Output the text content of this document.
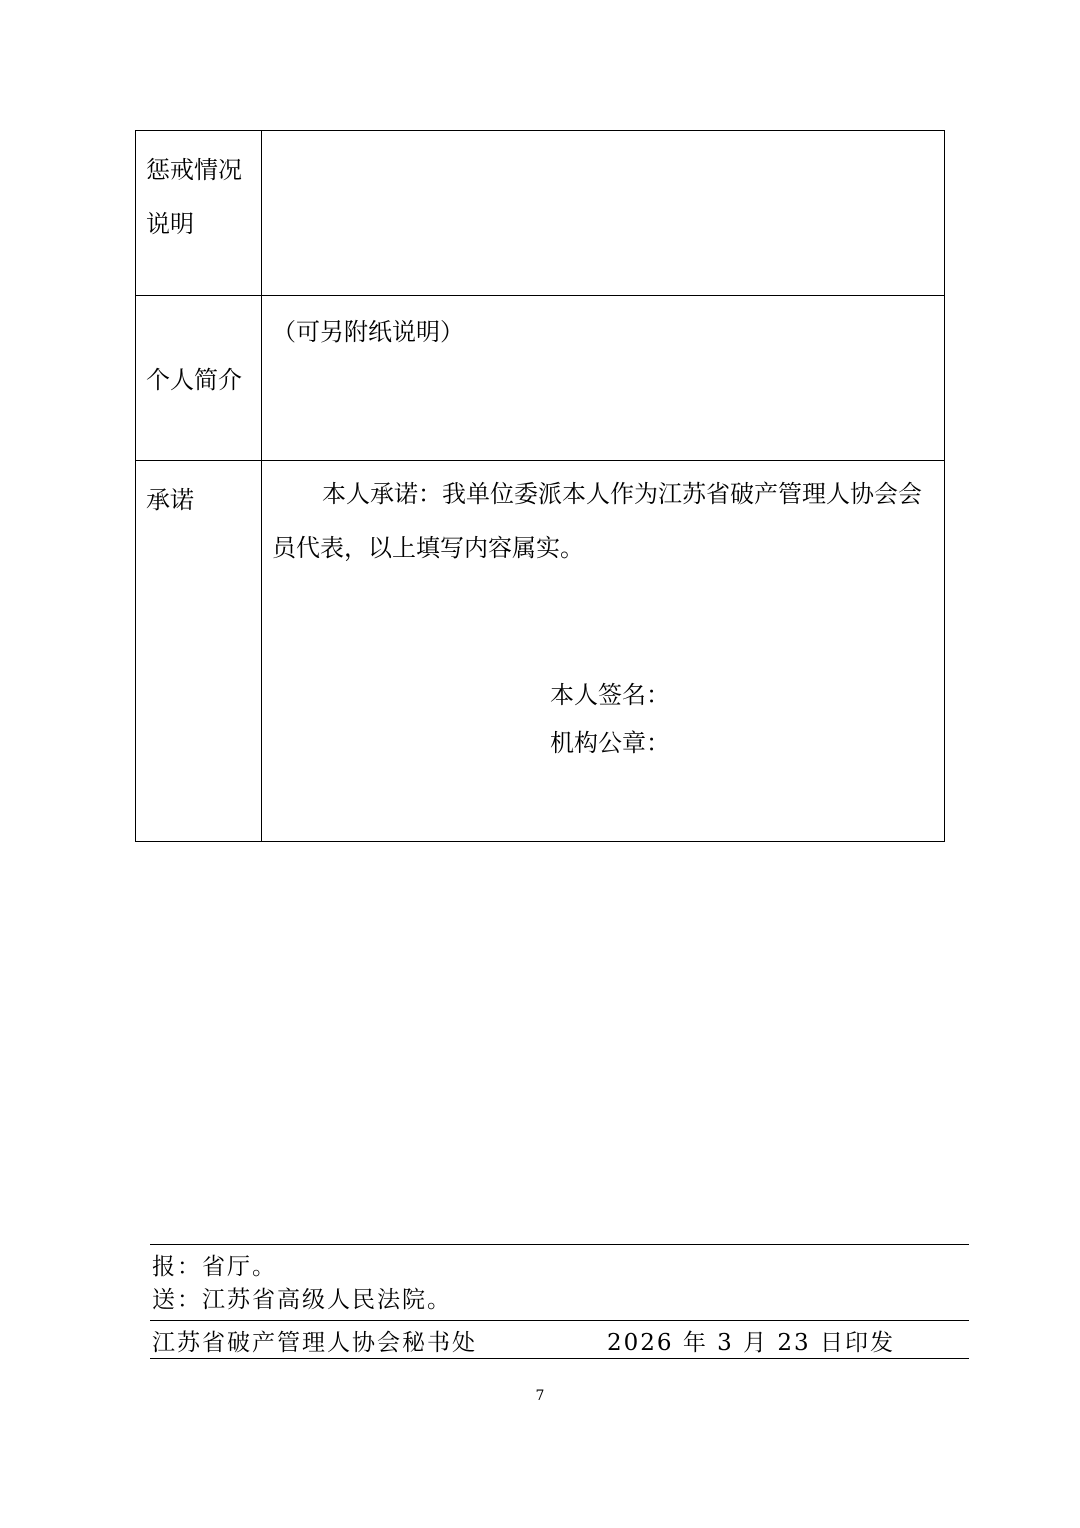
惩戒情况
说明	

个人简介	（可另附纸说明）

承诺	本人承诺：我单位委派本人作为江苏省破产管理人协会会员代表，以上填写内容属实。
本人签名：
机构公章：
报：省厅。
送：江苏省高级人民法院。
江苏省破产管理人协会秘书处	2026 年 3 月 23 日印发
7
